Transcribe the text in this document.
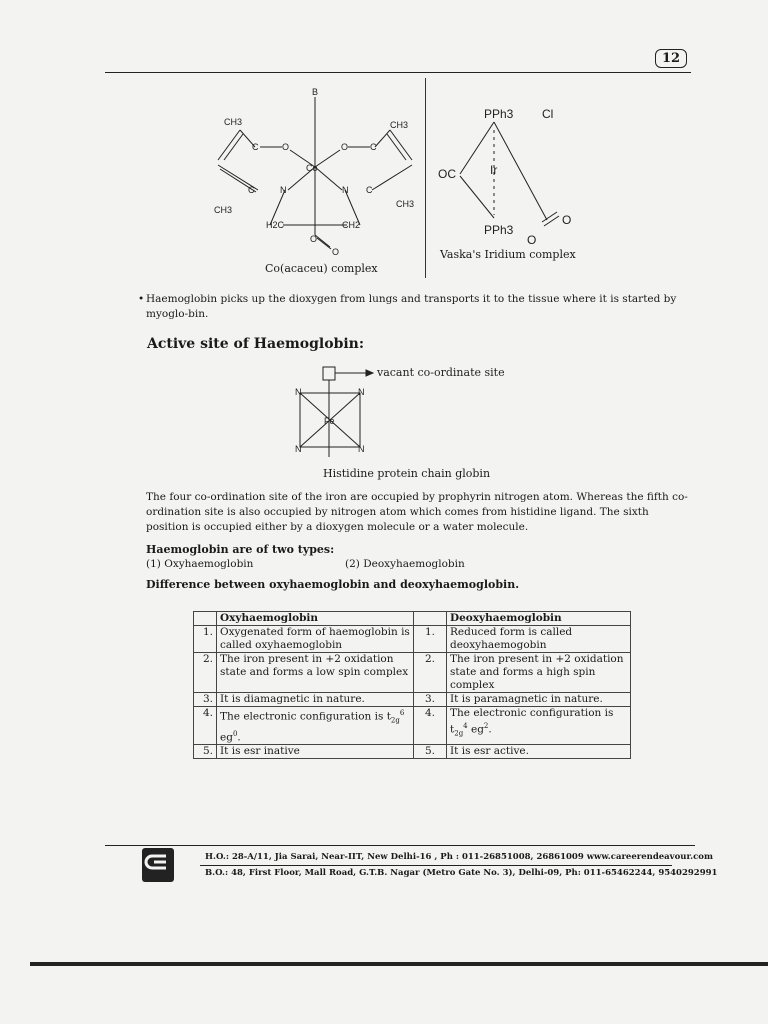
12
B
Co
O	O
C	C
CH3	CH3
C	N	N C
CH3
CH3
H2C	CH2
O
O
Co(acaceu) complex
PPh3 Cl
OC	Ir
PPh3
O
O
Vaska's Iridium complex
• Haemoglobin picks up the dioxygen from lungs and transports it to the tissue where it is started by myoglo-bin.
Active site of Haemoglobin:
N	N
Fe
N	N
vacant co-ordinate site
Histidine protein chain globin
The four co-ordination site of the iron are occupied by prophyrin nitrogen atom. Whereas the fifth co-ordination site is also occupied by nitrogen atom which comes from histidine ligand. The sixth position is occupied either by a dioxygen molecule or a water molecule.
Haemoglobin are of two types:
(1) Oxyhaemoglobin	(2) Deoxyhaemoglobin
Difference between oxyhaemoglobin and deoxyhaemoglobin.
	Oxyhaemoglobin		Deoxyhaemoglobin
1.	Oxygenated form of haemoglobin is called oxyhaemoglobin	1.	Reduced form is called deoxyhaemogobin
2.	The iron present in +2 oxidation state and forms a low spin complex	2.	The iron present in +2 oxidation state and forms a high spin complex
3.	It is diamagnetic in nature.	3.	It is paramagnetic in nature.
4.	The electronic configuration is $t_{2g}^6$ $eg^0$.	4.	The electronic configuration is $t_{2g}^4$ $eg^2$.
5.	It is esr inative	5.	It is esr active.
H.O.: 28-A/11, Jia Sarai, Near-IIT, New Delhi-16 , Ph : 011-26851008, 26861009 www.careerendeavour.com
B.O.: 48, First Floor, Mall Road, G.T.B. Nagar (Metro Gate No. 3), Delhi-09, Ph: 011-65462244, 9540292991
